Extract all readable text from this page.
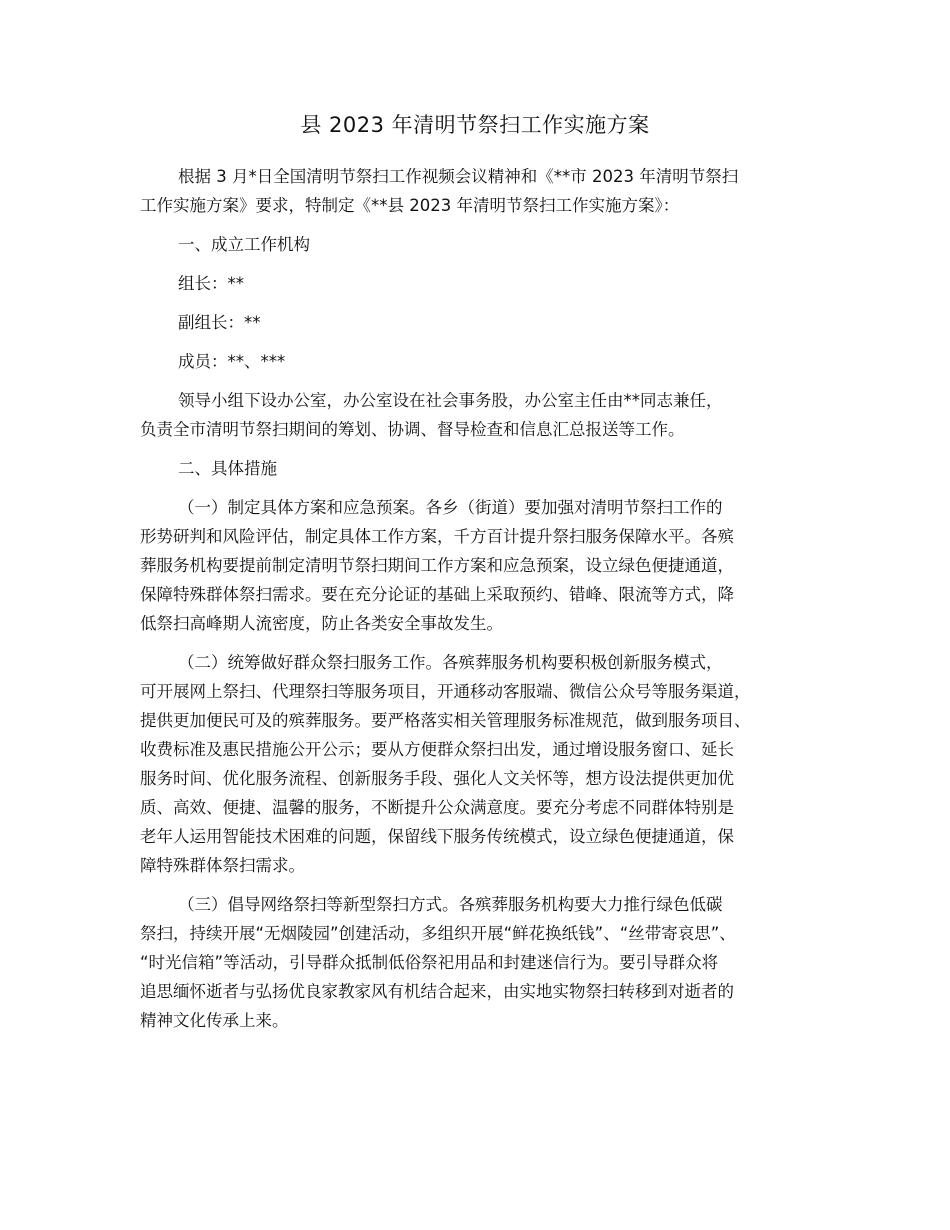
县 2023 年清明节祭扫工作实施方案
根据 3 月*日全国清明节祭扫工作视频会议精神和《**市 2023 年清明节祭扫
工作实施方案》要求，特制定《**县 2023 年清明节祭扫工作实施方案》：
一、成立工作机构
组长：**
副组长：**
成员：**、***
领导小组下设办公室，办公室设在社会事务股，办公室主任由**同志兼任，
负责全市清明节祭扫期间的筹划、协调、督导检查和信息汇总报送等工作。
二、具体措施
（一）制定具体方案和应急预案。各乡（街道）要加强对清明节祭扫工作的
形势研判和风险评估，制定具体工作方案，千方百计提升祭扫服务保障水平。各殡
葬服务机构要提前制定清明节祭扫期间工作方案和应急预案，设立绿色便捷通道，
保障特殊群体祭扫需求。要在充分论证的基础上采取预约、错峰、限流等方式，降
低祭扫高峰期人流密度，防止各类安全事故发生。
（二）统筹做好群众祭扫服务工作。各殡葬服务机构要积极创新服务模式，
可开展网上祭扫、代理祭扫等服务项目，开通移动客服端、微信公众号等服务渠道，
提供更加便民可及的殡葬服务。要严格落实相关管理服务标准规范，做到服务项目、
收费标准及惠民措施公开公示；要从方便群众祭扫出发，通过增设服务窗口、延长
服务时间、优化服务流程、创新服务手段、强化人文关怀等，想方设法提供更加优
质、高效、便捷、温馨的服务，不断提升公众满意度。要充分考虑不同群体特别是
老年人运用智能技术困难的问题，保留线下服务传统模式，设立绿色便捷通道，保
障特殊群体祭扫需求。
（三）倡导网络祭扫等新型祭扫方式。各殡葬服务机构要大力推行绿色低碳
祭扫，持续开展“无烟陵园”创建活动，多组织开展“鲜花换纸钱”、“丝带寄哀思”、
“时光信箱”等活动，引导群众抵制低俗祭祀用品和封建迷信行为。要引导群众将
追思缅怀逝者与弘扬优良家教家风有机结合起来，由实地实物祭扫转移到对逝者的
精神文化传承上来。
